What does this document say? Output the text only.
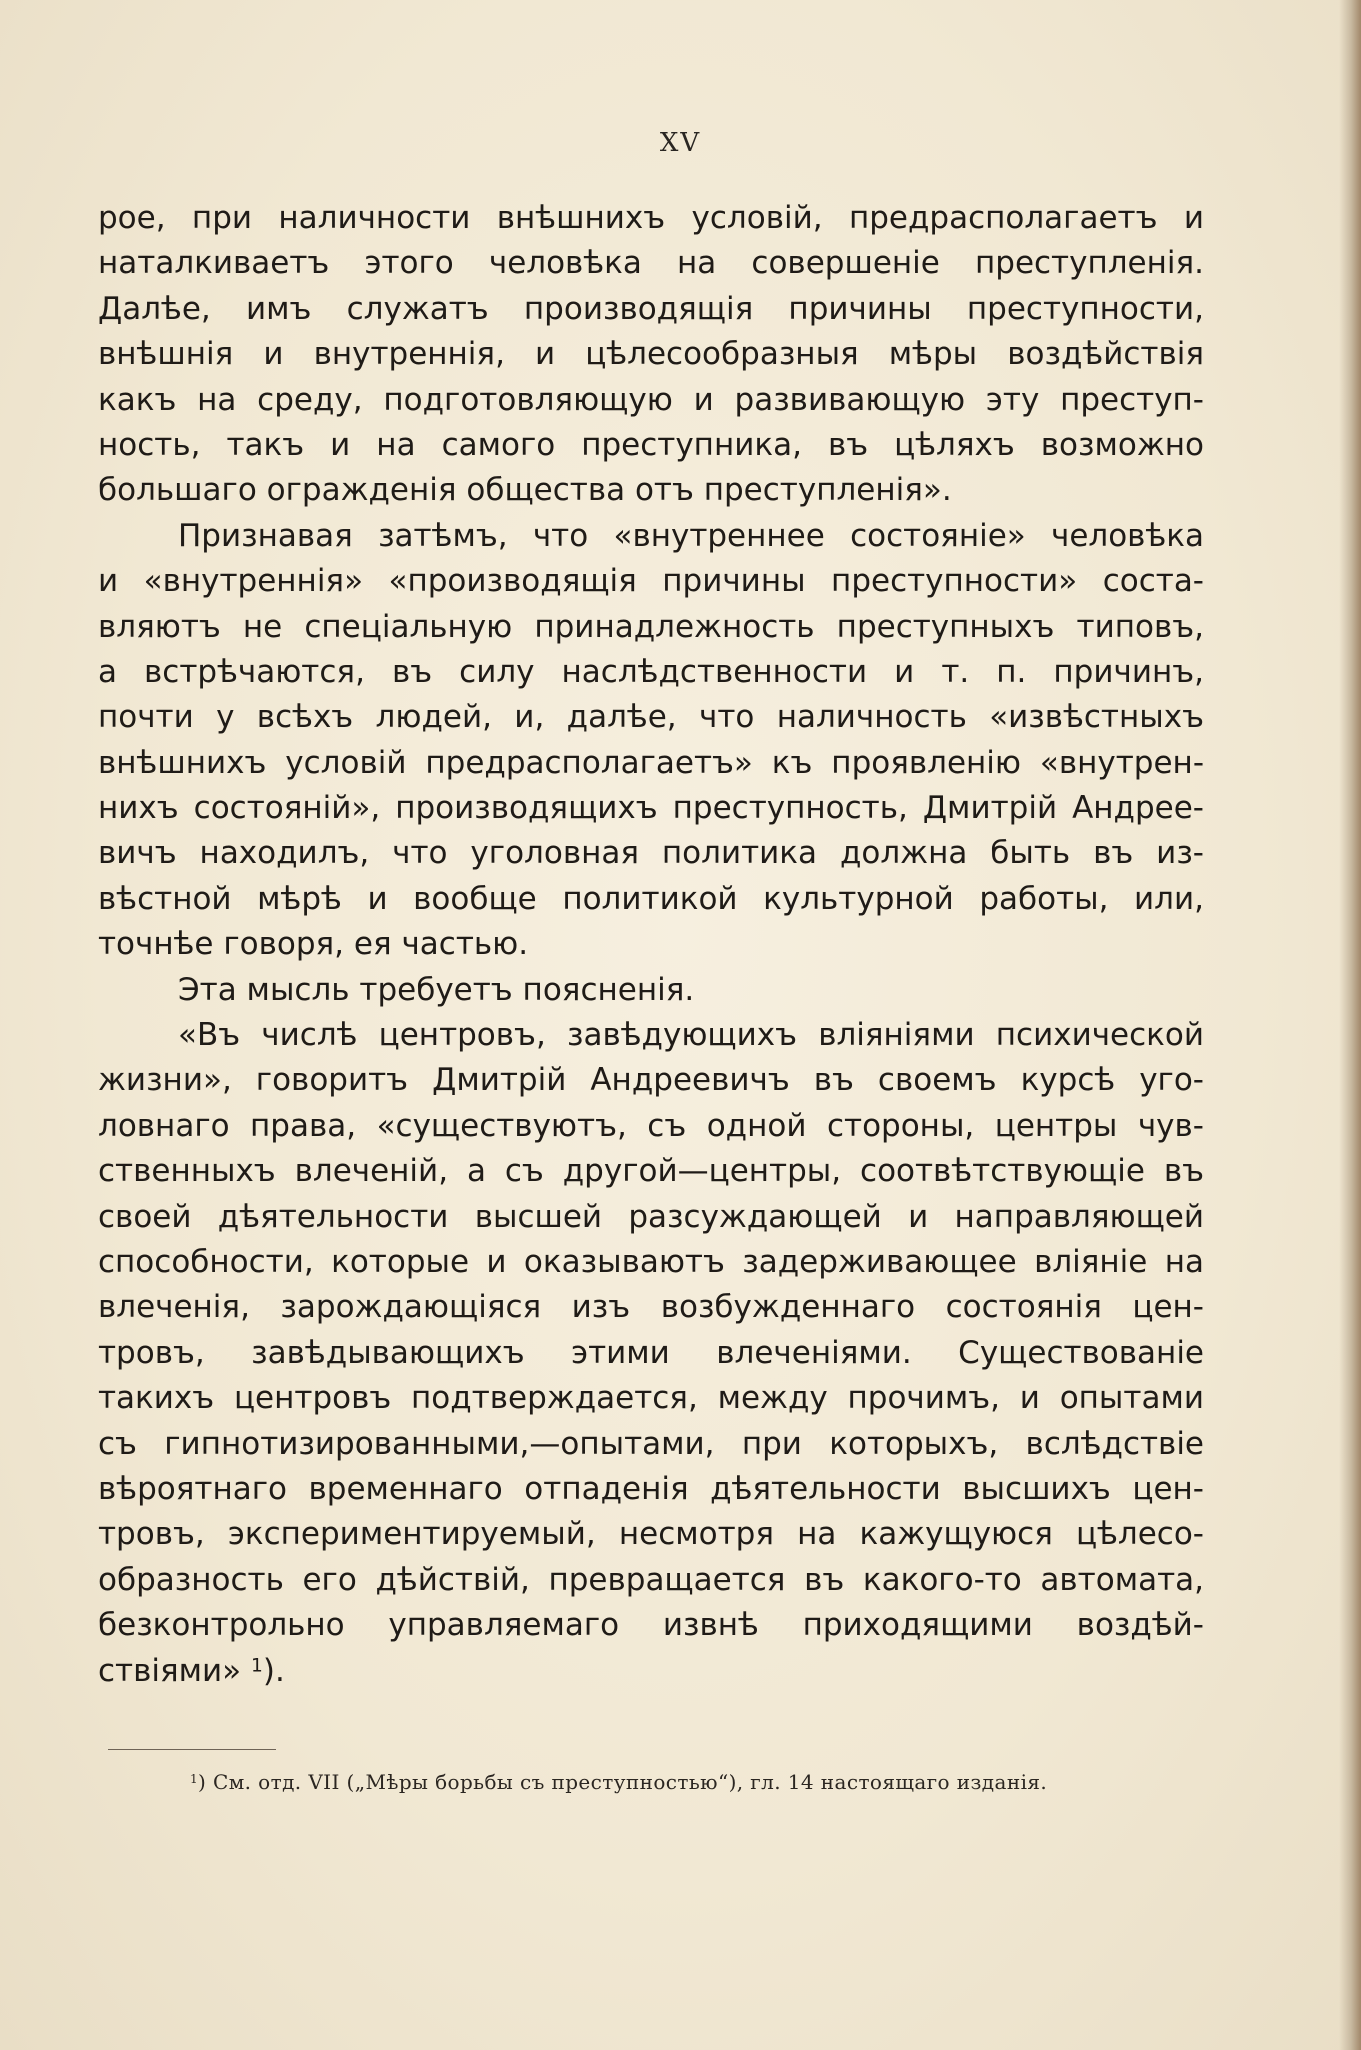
XV
рое, при наличности внѣшнихъ условій, предрасполагаетъ и
наталкиваетъ этого человѣка на совершеніе преступленія.
Далѣе, имъ служатъ производящія причины преступности,
внѣшнія и внутреннія, и цѣлесообразныя мѣры воздѣйствія
какъ на среду, подготовляющую и развивающую эту преступ-
ность, такъ и на самого преступника, въ цѣляхъ возможно
большаго огражденія общества отъ преступленія».
Признавая затѣмъ, что «внутреннее состояніе» человѣка
и «внутреннія» «производящія причины преступности» соста-
вляютъ не спеціальную принадлежность преступныхъ типовъ,
а встрѣчаются, въ силу наслѣдственности и т. п. причинъ,
почти у всѣхъ людей, и, далѣе, что наличность «извѣстныхъ
внѣшнихъ условій предрасполагаетъ» къ проявленію «внутрен-
нихъ состояній», производящихъ преступность, Дмитрій Андрее-
вичъ находилъ, что уголовная политика должна быть въ из-
вѣстной мѣрѣ и вообще политикой культурной работы, или,
точнѣе говоря, ея частью.
Эта мысль требуетъ поясненія.
«Въ числѣ центровъ, завѣдующихъ вліяніями психической
жизни», говоритъ Дмитрій Андреевичъ въ своемъ курсѣ уго-
ловнаго права, «существуютъ, съ одной стороны, центры чув-
ственныхъ влеченій, а съ другой—центры, соотвѣтствующіе въ
своей дѣятельности высшей разсуждающей и направляющей
способности, которые и оказываютъ задерживающее вліяніе на
влеченія, зарождающіяся изъ возбужденнаго состоянія цен-
тровъ, завѣдывающихъ этими влеченіями. Существованіе
такихъ центровъ подтверждается, между прочимъ, и опытами
съ гипнотизированными,—опытами, при которыхъ, вслѣдствіе
вѣроятнаго временнаго отпаденія дѣятельности высшихъ цен-
тровъ, экспериментируемый, несмотря на кажущуюся цѣлесо-
образность его дѣйствій, превращается въ какого-то автомата,
безконтрольно управляемаго извнѣ приходящими воздѣй-
ствіями» $^1$).
$^1$) См. отд. VII („Мѣры борьбы съ преступностью“), гл. 14 настоящаго изданія.
